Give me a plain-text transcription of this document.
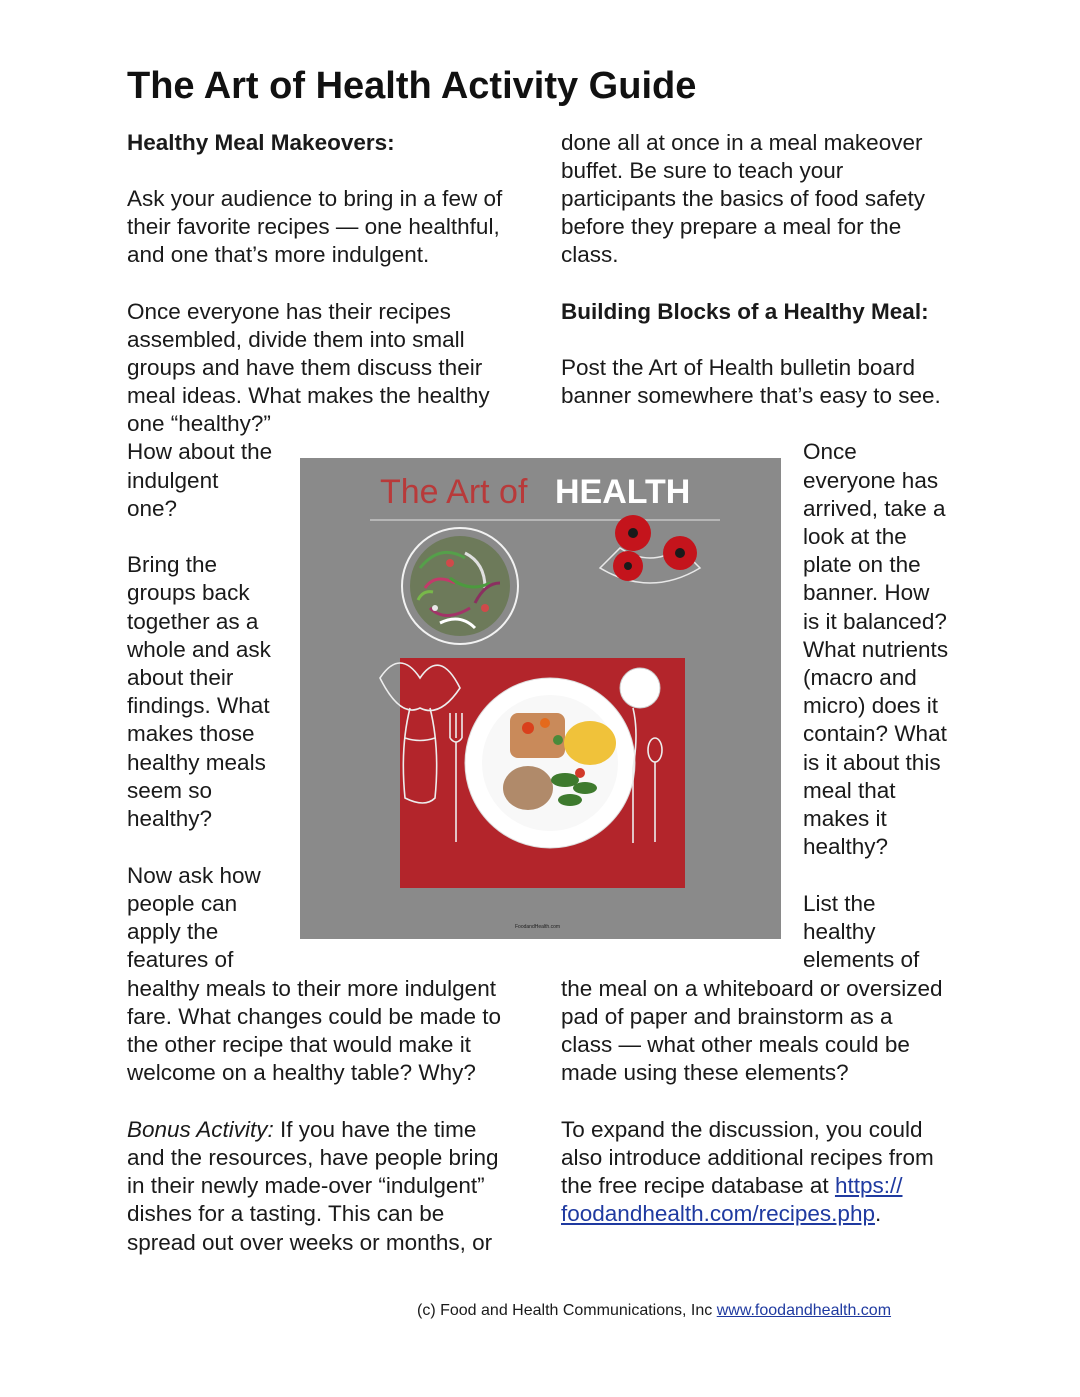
The Art of Health Activity Guide
Healthy Meal Makeovers:
Ask your audience to bring in a few of
their favorite recipes — one healthful,
and one that’s more indulgent.
Once everyone has their recipes
assembled, divide them into small
groups and have them discuss their
meal ideas. What makes the healthy
one “healthy?”
How about the
indulgent
one?
Bring the
groups back
together as a
whole and ask
about their
findings. What
makes those
healthy meals
seem so
healthy?
Now ask how
people can
apply the
features of
healthy meals to their more indulgent
fare. What changes could be made to
the other recipe that would make it
welcome on a healthy table? Why?
Bonus Activity: If you have the time
and the resources, have people bring
in their newly made-over “indulgent”
dishes for a tasting. This can be
spread out over weeks or months, or
done all at once in a meal makeover
buffet. Be sure to teach your
participants the basics of food safety
before they prepare a meal for the
class.
Building Blocks of a Healthy Meal:
Post the Art of Health bulletin board
banner somewhere that’s easy to see.
Once
everyone has
arrived, take a
look at the
plate on the
banner. How
is it balanced?
What nutrients
(macro and
micro) does it
contain? What
is it about this
meal that
makes it
healthy?
List the
healthy
elements of
the meal on a whiteboard or oversized
pad of paper and brainstorm as a
class — what other meals could be
made using these elements?
To expand the discussion, you could
also introduce additional recipes from
the free recipe database at https://
foodandhealth.com/recipes.php.
The Art of HEALTH
FoodandHealth.com
(c) Food and Health Communications, Inc www.foodandhealth.com
